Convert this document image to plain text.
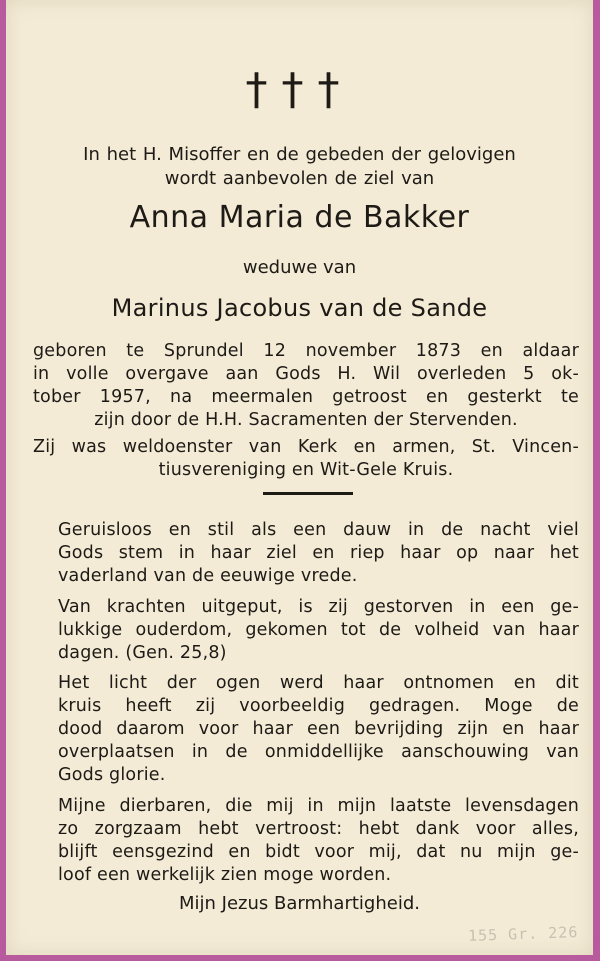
†††
In het H. Misoffer en de gebeden der gelovigen
wordt aanbevolen de ziel van
Anna Maria de Bakker
weduwe van
Marinus Jacobus van de Sande
geboren te Sprundel 12 november 1873 en aldaar
in volle overgave aan Gods H. Wil overleden 5 ok-
tober 1957, na meermalen getroost en gesterkt te
zijn door de H.H. Sacramenten der Stervenden.
Zij was weldoenster van Kerk en armen, St. Vincen-
tiusvereniging en Wit-Gele Kruis.
Geruisloos en stil als een dauw in de nacht viel
Gods stem in haar ziel en riep haar op naar het
vaderland van de eeuwige vrede.
Van krachten uitgeput, is zij gestorven in een ge-
lukkige ouderdom, gekomen tot de volheid van haar
dagen. (Gen. 25,8)
Het licht der ogen werd haar ontnomen en dit
kruis heeft zij voorbeeldig gedragen. Moge de
dood daarom voor haar een bevrijding zijn en haar
overplaatsen in de onmiddellijke aanschouwing van
Gods glorie.
Mijne dierbaren, die mij in mijn laatste levensdagen
zo zorgzaam hebt vertroost: hebt dank voor alles,
blijft eensgezind en bidt voor mij, dat nu mijn ge-
loof een werkelijk zien moge worden.
Mijn Jezus Barmhartigheid.
155 Gr. 226
